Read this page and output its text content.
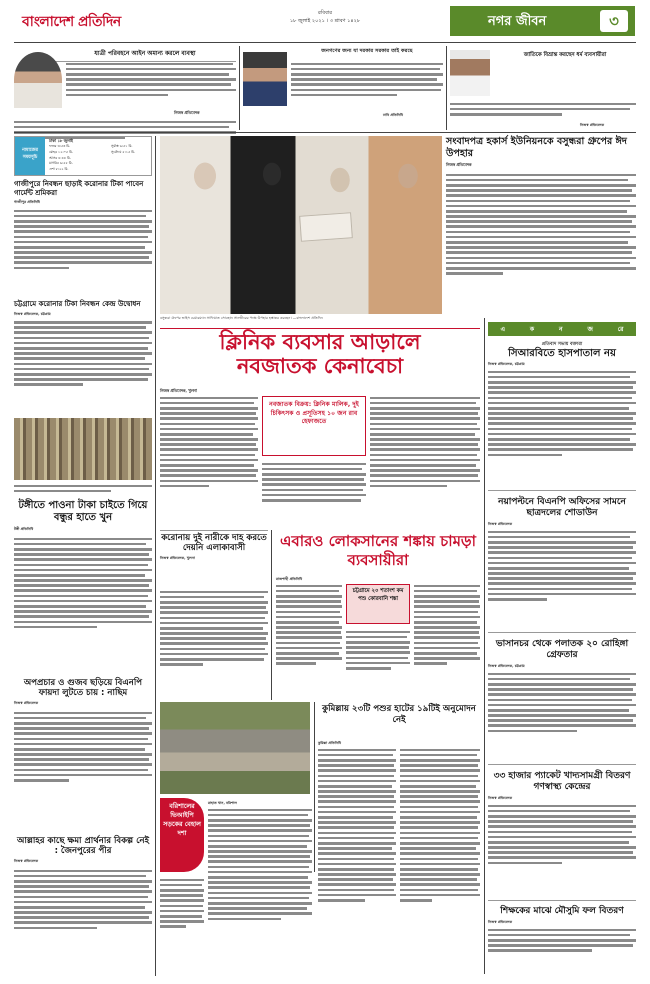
বাংলাদেশ প্রতিদিন
রবিবার
১৮ জুলাই ২০২১ । ৩ শ্রাবণ ১৪২৮	নগর জীবন	৩
যাত্রী পরিবহনে আইন অমান্য করলে ব্যবস্থা
নিজস্ব প্রতিবেদক
জনগণের জন্য যা দরকার সরকার তাই করছে
ঢাবি প্রতিনিধি
জাতিকে বিভ্রান্ত করছেন ধর্ম ব্যবসায়ীরা
নিজস্ব প্রতিবেদক
নামাজের
সময়সূচি
ঢাকা ১৮ জুলাই
ফজর ৩:৫৩ মি.
যোহর ১২:০৫ মি.
আসর ৪:৪৪ মি.
মাগরিব ৬:৫৫ মি.
এশা ৮:২২ মি.
সূর্যাস্ত ৬:৫১ মি.
সূর্যোদয় ৫:১৫ মি.
গাজীপুরে নিবন্ধন ছাড়াই করোনার টিকা পাবেন গার্মেন্ট শ্রমিকরা
গাজীপুর প্রতিনিধি
চট্টগ্রামে করোনার টিকা নিবন্ধন কেন্দ্র উদ্বোধন
নিজস্ব প্রতিবেদক, চট্টগ্রাম
টঙ্গীতে পাওনা টাকা চাইতে গিয়ে বন্ধুর হাতে খুন
টঙ্গী প্রতিনিধি
অপপ্রচার ও গুজব ছড়িয়ে বিএনপি ফায়দা লুটতে চায় : নাছিম
নিজস্ব প্রতিবেদক
আল্লাহর কাছে ক্ষমা প্রার্থনার বিকল্প নেই : জৈনপুরের পীর
নিজস্ব প্রতিবেদক
সংবাদপত্র হকার্স ইউনিয়নকে বসুন্ধরা গ্রুপের ঈদ উপহার
নিজস্ব প্রতিবেদক
বসুন্ধরা গ্রুপের ভাইস চেয়ারম্যান সাফিয়াত সোবহান সানভীরের পক্ষে উপহার হস্তান্তর করছেন। —বাংলাদেশ প্রতিদিন
ক্লিনিক ব্যবসার আড়ালে
নবজাতক কেনাবেচা
নিজস্ব প্রতিবেদক, খুলনা
নবজাতক বিক্রয়: ক্লিনিক মালিক, দুই চিকিৎসক ও প্রসূতিসহ ১০ জন রাব হেফাজতে
করোনায় দুই নারীকে দাহ করতে দেয়নি এলাকাবাসী
নিজস্ব প্রতিবেদক, খুলনা
এবারও লোকসানের শঙ্কায় চামড়া ব্যবসায়ীরা
রাজশাহী প্রতিনিধি
চট্টগ্রামে ২০ শতাংশ কম পশু কোরবানি শঙ্কা
কুমিল্লায় ২৩টি পশুর হাটের ১৯টিই অনুমোদন নেই
কুমিল্লা প্রতিনিধি
বরিশালের ভিআইপি সড়কের বেহাল দশা
রাহাত খান, বরিশাল
এ	ক	ন	জ	রে
প্রতিবাদ সভায় বক্তারা
সিআরবিতে হাসপাতাল নয়
নিজস্ব প্রতিবেদক, চট্টগ্রাম
নয়াপল্টনে বিএনপি অফিসের সামনে ছাত্রদলের শোডাউন
নিজস্ব প্রতিবেদক
ভাসানচর থেকে পলাতক ২০ রোহিঙ্গা গ্রেফতার
নিজস্ব প্রতিবেদক, চট্টগ্রাম
৩৩ হাজার প্যাকেট খাদ্যসামগ্রী বিতরণ গণস্বাস্থ্য কেন্দ্রের
নিজস্ব প্রতিবেদক
শিক্ষকের মাঝে মৌসুমি ফল বিতরণ
নিজস্ব প্রতিবেদক
